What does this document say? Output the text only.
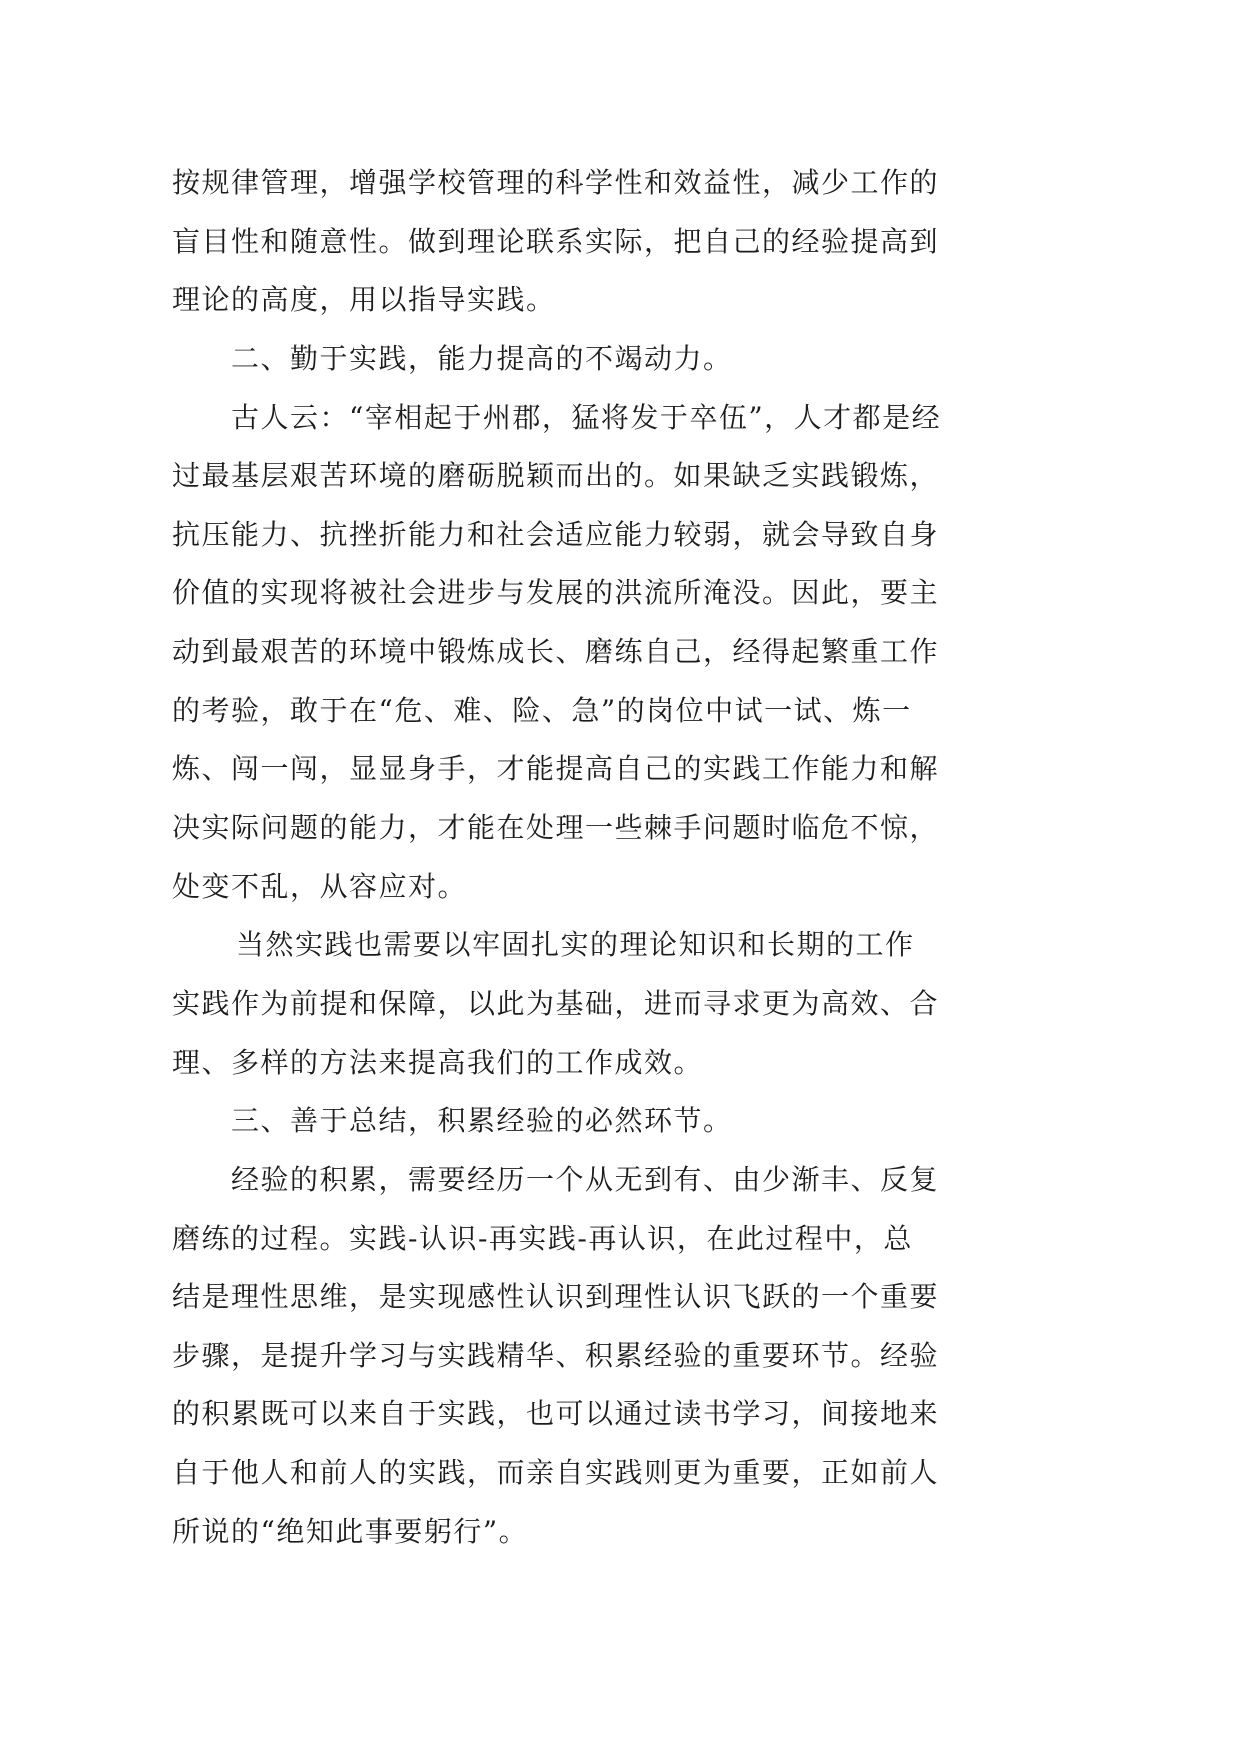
按规律管理，增强学校管理的科学性和效益性，减少工作的
盲目性和随意性。做到理论联系实际，把自己的经验提高到
理论的高度，用以指导实践。
二、勤于实践，能力提高的不竭动力。
古人云：“宰相起于州郡，猛将发于卒伍”，人才都是经
过最基层艰苦环境的磨砺脱颖而出的。如果缺乏实践锻炼，
抗压能力、抗挫折能力和社会适应能力较弱，就会导致自身
价值的实现将被社会进步与发展的洪流所淹没。因此，要主
动到最艰苦的环境中锻炼成长、磨练自己，经得起繁重工作
的考验，敢于在“危、难、险、急”的岗位中试一试、炼一
炼、闯一闯，显显身手，才能提高自己的实践工作能力和解
决实际问题的能力，才能在处理一些棘手问题时临危不惊，
处变不乱，从容应对。
当然实践也需要以牢固扎实的理论知识和长期的工作
实践作为前提和保障，以此为基础，进而寻求更为高效、合
理、多样的方法来提高我们的工作成效。
三、善于总结，积累经验的必然环节。
经验的积累，需要经历一个从无到有、由少渐丰、反复
磨练的过程。实践-认识-再实践-再认识，在此过程中，总
结是理性思维，是实现感性认识到理性认识飞跃的一个重要
步骤，是提升学习与实践精华、积累经验的重要环节。经验
的积累既可以来自于实践，也可以通过读书学习，间接地来
自于他人和前人的实践，而亲自实践则更为重要，正如前人
所说的“绝知此事要躬行”。
